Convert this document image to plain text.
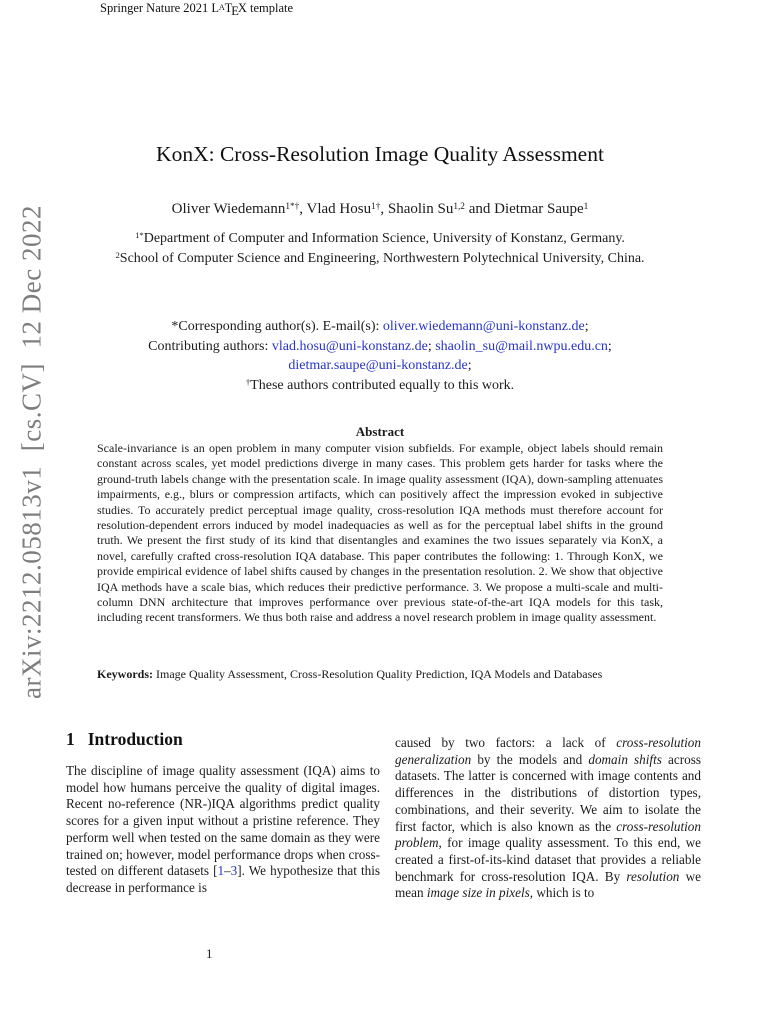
Springer Nature 2021 LATEX template
arXiv:2212.05813v1  [cs.CV]  12 Dec 2022
KonX: Cross-Resolution Image Quality Assessment
Oliver Wiedemann$^{1*\dagger}$, Vlad Hosu$^{1\dagger}$, Shaolin Su$^{1,2}$ and Dietmar Saupe$^1$
$^{1*}$Department of Computer and Information Science, University of Konstanz, Germany.
$^2$School of Computer Science and Engineering, Northwestern Polytechnical University, China.
*Corresponding author(s). E-mail(s): oliver.wiedemann@uni-konstanz.de;
Contributing authors: vlad.hosu@uni-konstanz.de; shaolin_su@mail.nwpu.edu.cn;
dietmar.saupe@uni-konstanz.de;
†These authors contributed equally to this work.
Abstract

Scale-invariance is an open problem in many computer vision subfields. For example, object labels should remain constant across scales, yet model predictions diverge in many cases. This problem gets harder for tasks where the ground-truth labels change with the presentation scale. In image quality assessment (IQA), down-sampling attenuates impairments, e.g., blurs or compression artifacts, which can positively affect the impression evoked in subjective studies. To accurately predict perceptual image quality, cross-resolution IQA methods must therefore account for resolution-dependent errors induced by model inadequacies as well as for the perceptual label shifts in the ground truth. We present the first study of its kind that disentangles and examines the two issues separately via KonX, a novel, carefully crafted cross-resolution IQA database. This paper contributes the following: 1. Through KonX, we provide empirical evidence of label shifts caused by changes in the presentation resolution. 2. We show that objective IQA methods have a scale bias, which reduces their predictive performance. 3. We propose a multi-scale and multi-column DNN architecture that improves performance over previous state-of-the-art IQA models for this task, including recent transformers. We thus both raise and address a novel research problem in image quality assessment.

Keywords: Image Quality Assessment, Cross-Resolution Quality Prediction, IQA Models and Databases

1 Introduction

The discipline of image quality assessment (IQA) aims to model how humans perceive the quality of digital images. Recent no-reference (NR-)IQA algorithms predict quality scores for a given input without a pristine reference. They perform well when tested on the same domain as they were trained on; however, model performance drops when cross-tested on different datasets [1–3]. We hypothesize that this decrease in performance is

caused by two factors: a lack of cross-resolution generalization by the models and domain shifts across datasets. The latter is concerned with image contents and differences in the distributions of distortion types, combinations, and their severity. We aim to isolate the first factor, which is also known as the cross-resolution problem, for image quality assessment. To this end, we created a first-of-its-kind dataset that provides a reliable benchmark for cross-resolution IQA. By resolution we mean image size in pixels, which is to

1
